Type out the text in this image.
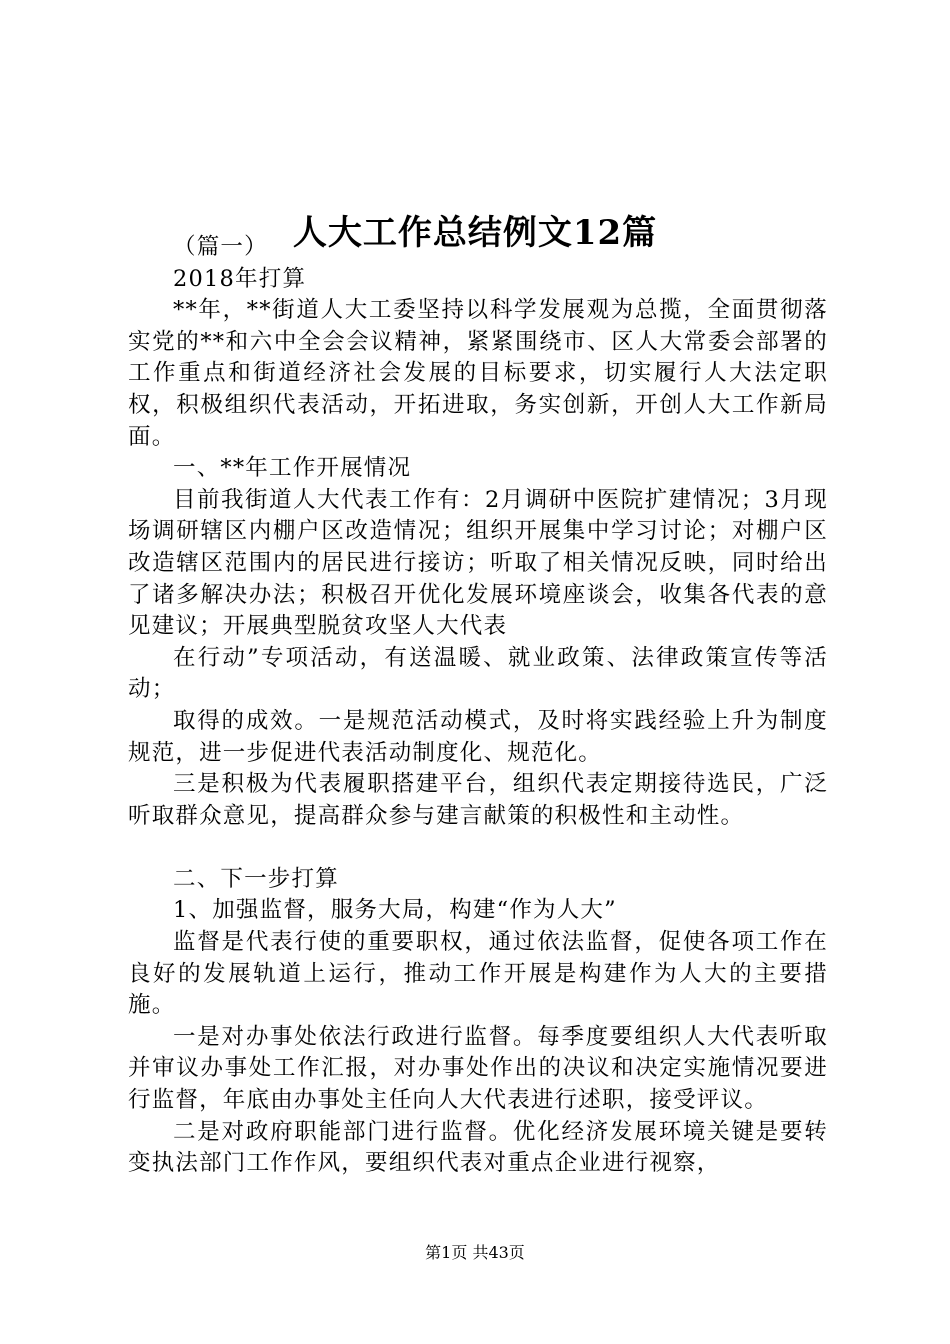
人大工作总结例文12篇

（篇一）

2018年打算

**年，**街道人大工委坚持以科学发展观为总揽，全面贯彻落实党的**和六中全会会议精神，紧紧围绕市、区人大常委会部署的工作重点和街道经济社会发展的目标要求，切实履行人大法定职权，积极组织代表活动，开拓进取，务实创新，开创人大工作新局面。

一、**年工作开展情况

目前我街道人大代表工作有：2月调研中医院扩建情况；3月现场调研辖区内棚户区改造情况；组织开展集中学习讨论；对棚户区改造辖区范围内的居民进行接访；听取了相关情况反映，同时给出了诸多解决办法；积极召开优化发展环境座谈会，收集各代表的意见建议；开展典型脱贫攻坚人大代表

在行动”专项活动，有送温暖、就业政策、法律政策宣传等活动；

取得的成效。一是规范活动模式，及时将实践经验上升为制度规范，进一步促进代表活动制度化、规范化。

三是积极为代表履职搭建平台，组织代表定期接待选民，广泛听取群众意见，提高群众参与建言献策的积极性和主动性。

二、下一步打算

1、加强监督，服务大局，构建“作为人大”

监督是代表行使的重要职权，通过依法监督，促使各项工作在良好的发展轨道上运行，推动工作开展是构建作为人大的主要措施。

一是对办事处依法行政进行监督。每季度要组织人大代表听取并审议办事处工作汇报，对办事处作出的决议和决定实施情况要进行监督，年底由办事处主任向人大代表进行述职，接受评议。

二是对政府职能部门进行监督。优化经济发展环境关键是要转变执法部门工作作风，要组织代表对重点企业进行视察，

第1页 共43页
